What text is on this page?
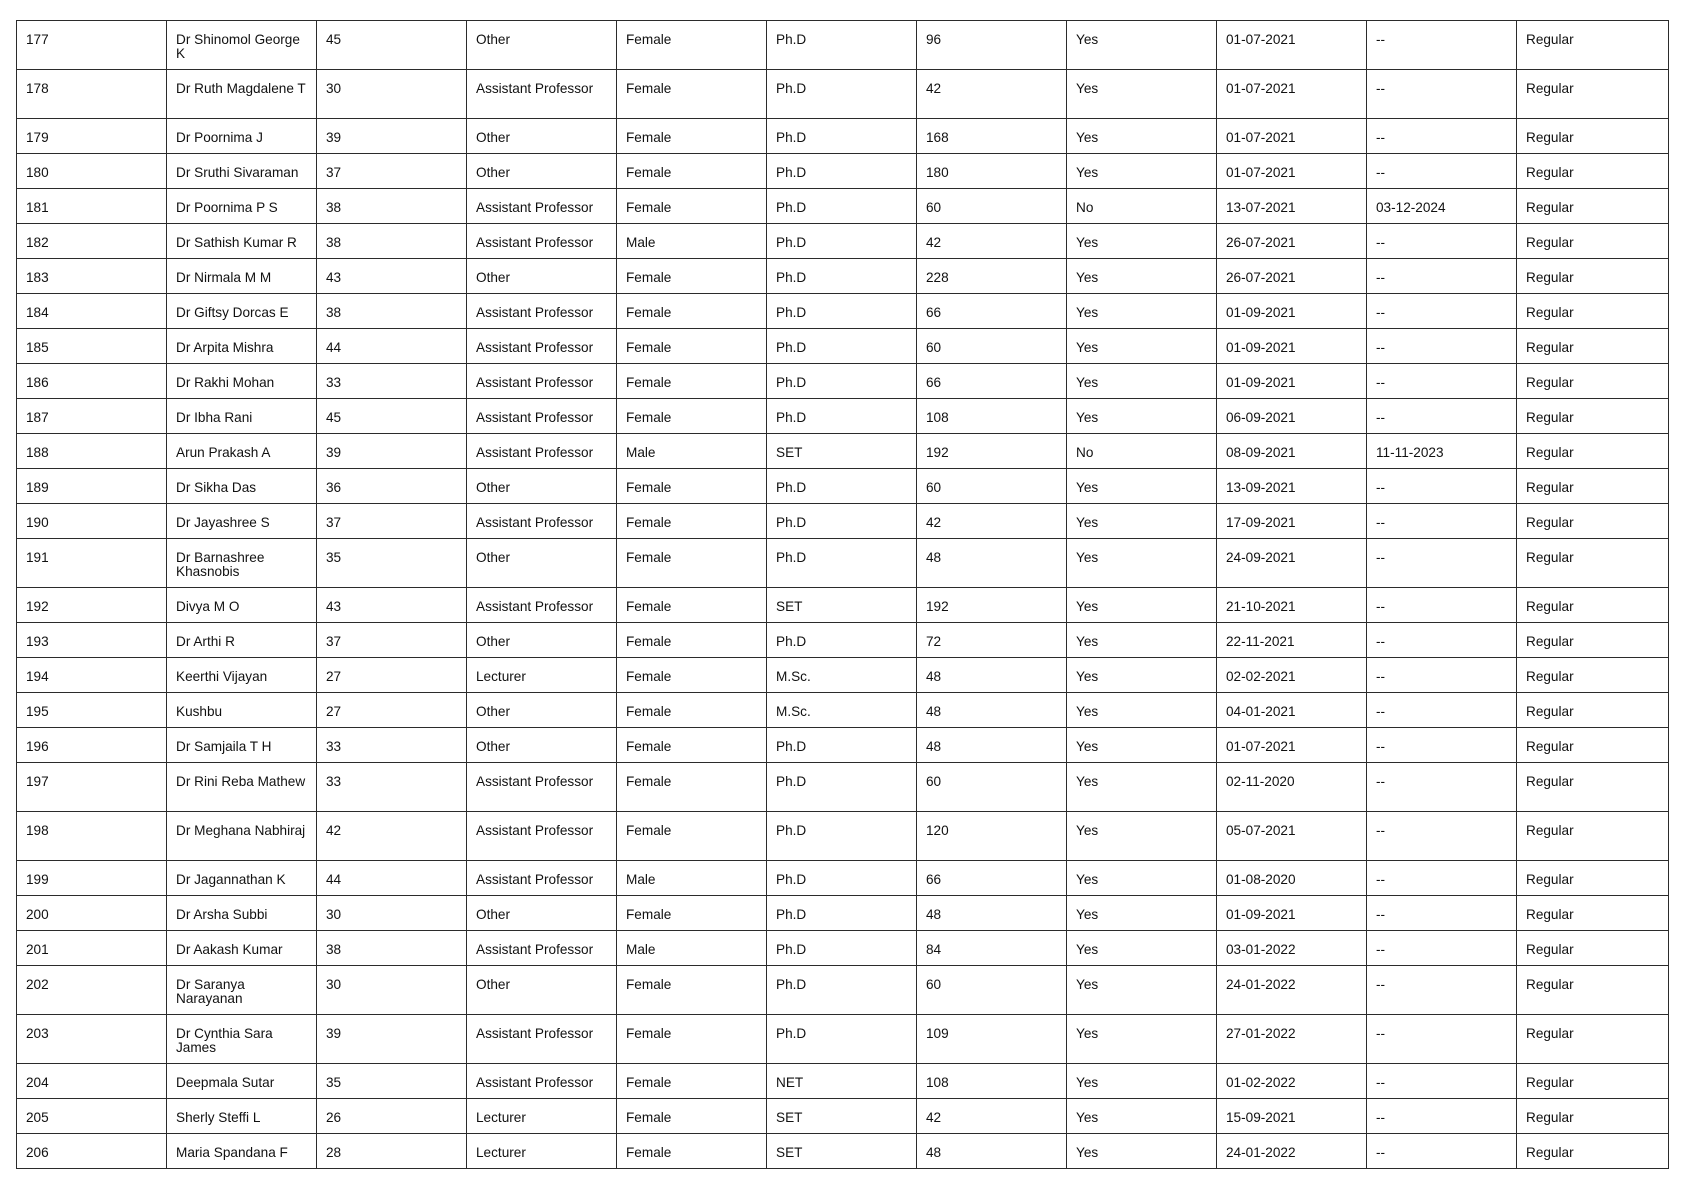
177	Dr Shinomol George K	45	Other	Female	Ph.D	96	Yes	01-07-2021	--	Regular
178	Dr Ruth Magdalene T	30	Assistant Professor	Female	Ph.D	42	Yes	01-07-2021	--	Regular
179	Dr Poornima J	39	Other	Female	Ph.D	168	Yes	01-07-2021	--	Regular
180	Dr Sruthi Sivaraman	37	Other	Female	Ph.D	180	Yes	01-07-2021	--	Regular
181	Dr Poornima P S	38	Assistant Professor	Female	Ph.D	60	No	13-07-2021	03-12-2024	Regular
182	Dr Sathish Kumar R	38	Assistant Professor	Male	Ph.D	42	Yes	26-07-2021	--	Regular
183	Dr Nirmala M M	43	Other	Female	Ph.D	228	Yes	26-07-2021	--	Regular
184	Dr Giftsy Dorcas E	38	Assistant Professor	Female	Ph.D	66	Yes	01-09-2021	--	Regular
185	Dr Arpita Mishra	44	Assistant Professor	Female	Ph.D	60	Yes	01-09-2021	--	Regular
186	Dr Rakhi Mohan	33	Assistant Professor	Female	Ph.D	66	Yes	01-09-2021	--	Regular
187	Dr Ibha Rani	45	Assistant Professor	Female	Ph.D	108	Yes	06-09-2021	--	Regular
188	Arun Prakash A	39	Assistant Professor	Male	SET	192	No	08-09-2021	11-11-2023	Regular
189	Dr Sikha Das	36	Other	Female	Ph.D	60	Yes	13-09-2021	--	Regular
190	Dr Jayashree S	37	Assistant Professor	Female	Ph.D	42	Yes	17-09-2021	--	Regular
191	Dr Barnashree Khasnobis	35	Other	Female	Ph.D	48	Yes	24-09-2021	--	Regular
192	Divya M O	43	Assistant Professor	Female	SET	192	Yes	21-10-2021	--	Regular
193	Dr Arthi R	37	Other	Female	Ph.D	72	Yes	22-11-2021	--	Regular
194	Keerthi Vijayan	27	Lecturer	Female	M.Sc.	48	Yes	02-02-2021	--	Regular
195	Kushbu	27	Other	Female	M.Sc.	48	Yes	04-01-2021	--	Regular
196	Dr Samjaila T H	33	Other	Female	Ph.D	48	Yes	01-07-2021	--	Regular
197	Dr Rini Reba Mathew	33	Assistant Professor	Female	Ph.D	60	Yes	02-11-2020	--	Regular
198	Dr Meghana Nabhiraj	42	Assistant Professor	Female	Ph.D	120	Yes	05-07-2021	--	Regular
199	Dr Jagannathan K	44	Assistant Professor	Male	Ph.D	66	Yes	01-08-2020	--	Regular
200	Dr Arsha Subbi	30	Other	Female	Ph.D	48	Yes	01-09-2021	--	Regular
201	Dr Aakash Kumar	38	Assistant Professor	Male	Ph.D	84	Yes	03-01-2022	--	Regular
202	Dr Saranya Narayanan	30	Other	Female	Ph.D	60	Yes	24-01-2022	--	Regular
203	Dr Cynthia Sara James	39	Assistant Professor	Female	Ph.D	109	Yes	27-01-2022	--	Regular
204	Deepmala Sutar	35	Assistant Professor	Female	NET	108	Yes	01-02-2022	--	Regular
205	Sherly Steffi L	26	Lecturer	Female	SET	42	Yes	15-09-2021	--	Regular
206	Maria Spandana F	28	Lecturer	Female	SET	48	Yes	24-01-2022	--	Regular
